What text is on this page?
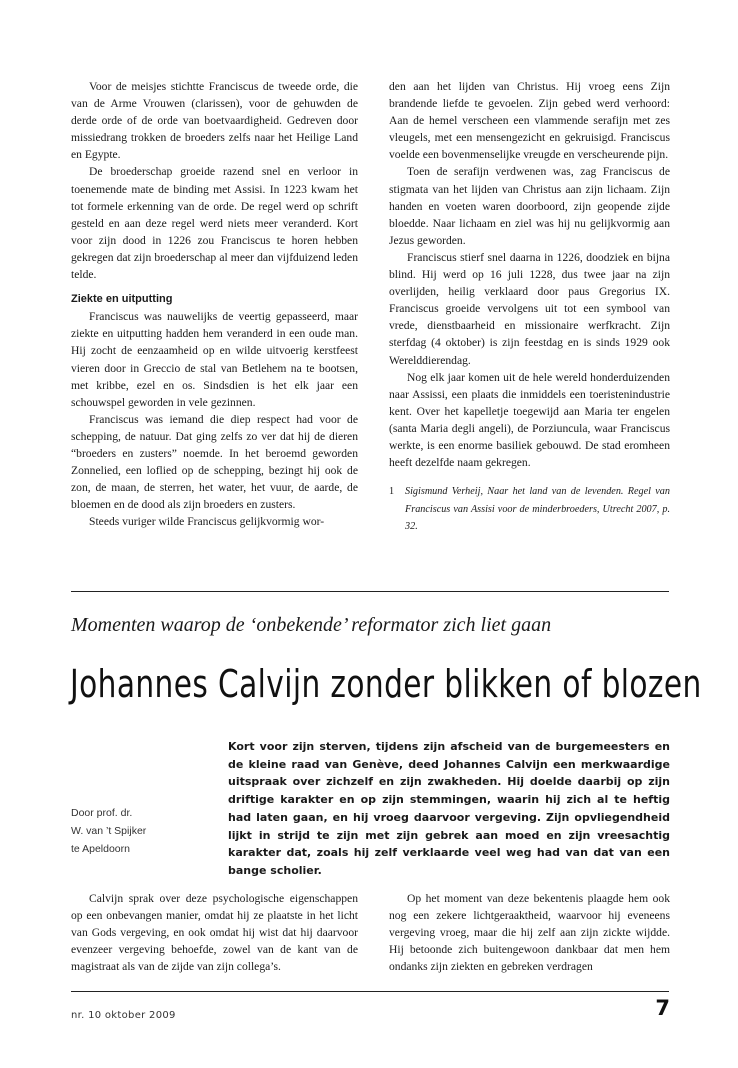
Voor de meisjes stichtte Franciscus de tweede orde, die van de Arme Vrouwen (clarissen), voor de gehuwden de derde orde of de orde van boetvaardigheid. Gedreven door missiedrang trokken de broeders zelfs naar het Heilige Land en Egypte.

De broederschap groeide razend snel en verloor in toenemende mate de binding met Assisi. In 1223 kwam het tot formele erkenning van de orde. De regel werd op schrift gesteld en aan deze regel werd niets meer veranderd. Kort voor zijn dood in 1226 zou Franciscus te horen hebben gekregen dat zijn broederschap al meer dan vijfduizend leden telde.

Ziekte en uitputting

Franciscus was nauwelijks de veertig gepasseerd, maar ziekte en uitputting hadden hem veranderd in een oude man. Hij zocht de eenzaamheid op en wilde uitvoerig kerstfeest vieren door in Greccio de stal van Betlehem na te bootsen, met kribbe, ezel en os. Sindsdien is het elk jaar een schouwspel geworden in vele gezinnen.

Franciscus was iemand die diep respect had voor de schepping, de natuur. Dat ging zelfs zo ver dat hij de dieren “broeders en zusters” noemde. In het beroemd geworden Zonnelied, een loflied op de schepping, bezingt hij ook de zon, de maan, de sterren, het water, het vuur, de aarde, de bloemen en de dood als zijn broeders en zusters.

Steeds vuriger wilde Franciscus gelijkvormig wor-

den aan het lijden van Christus. Hij vroeg eens Zijn brandende liefde te gevoelen. Zijn gebed werd verhoord: Aan de hemel verscheen een vlammende serafijn met zes vleugels, met een mensengezicht en gekruisigd. Franciscus voelde een bovenmenselijke vreugde en verscheurende pijn.

Toen de serafijn verdwenen was, zag Franciscus de stigmata van het lijden van Christus aan zijn lichaam. Zijn handen en voeten waren doorboord, zijn geopende zijde bloedde. Naar lichaam en ziel was hij nu gelijkvormig aan Jezus geworden.

Franciscus stierf snel daarna in 1226, doodziek en bijna blind. Hij werd op 16 juli 1228, dus twee jaar na zijn overlijden, heilig verklaard door paus Gregorius IX. Franciscus groeide vervolgens uit tot een symbool van vrede, dienstbaarheid en missionaire werfkracht. Zijn sterfdag (4 oktober) is zijn feestdag en is sinds 1929 ook Werelddierendag.

Nog elk jaar komen uit de hele wereld honderduizenden naar Assissi, een plaats die inmiddels een toeristenindustrie kent. Over het kapelletje toegewijd aan Maria ter engelen (santa Maria degli angeli), de Porziuncula, waar Franciscus werkte, is een enorme basiliek gebouwd. De stad eromheen heeft dezelfde naam gekregen.

1 Sigismund Verheij, Naar het land van de levenden. Regel van Franciscus van Assisi voor de minderbroeders, Utrecht 2007, p. 32.

Momenten waarop de ‘onbekende’ reformator zich liet gaan
Johannes Calvijn zonder blikken of blozen
Door prof. dr.
W. van ’t Spijker
te Apeldoorn
Kort voor zijn sterven, tijdens zijn afscheid van de burgemeesters en de kleine raad van Genève, deed Johannes Calvijn een merkwaardige uitspraak over zichzelf en zijn zwakheden. Hij doelde daarbij op zijn driftige karakter en op zijn stemmingen, waarin hij zich al te heftig had laten gaan, en hij vroeg daarvoor vergeving. Zijn opvliegendheid lijkt in strijd te zijn met zijn gebrek aan moed en zijn vreesachtig karakter dat, zoals hij zelf verklaarde veel weg had van dat van een bange scholier.

Calvijn sprak over deze psychologische eigenschappen op een onbevangen manier, omdat hij ze plaatste in het licht van Gods vergeving, en ook omdat hij wist dat hij daarvoor evenzeer vergeving behoefde, zowel van de kant van de magistraat als van de zijde van zijn collega’s.

Op het moment van deze bekentenis plaagde hem ook nog een zekere lichtgeraaktheid, waarvoor hij eveneens vergeving vroeg, maar die hij zelf aan zijn zickte wijdde. Hij betoonde zich buitengewoon dankbaar dat men hem ondanks zijn ziekten en gebreken verdragen

nr. 10 oktober 2009	7
